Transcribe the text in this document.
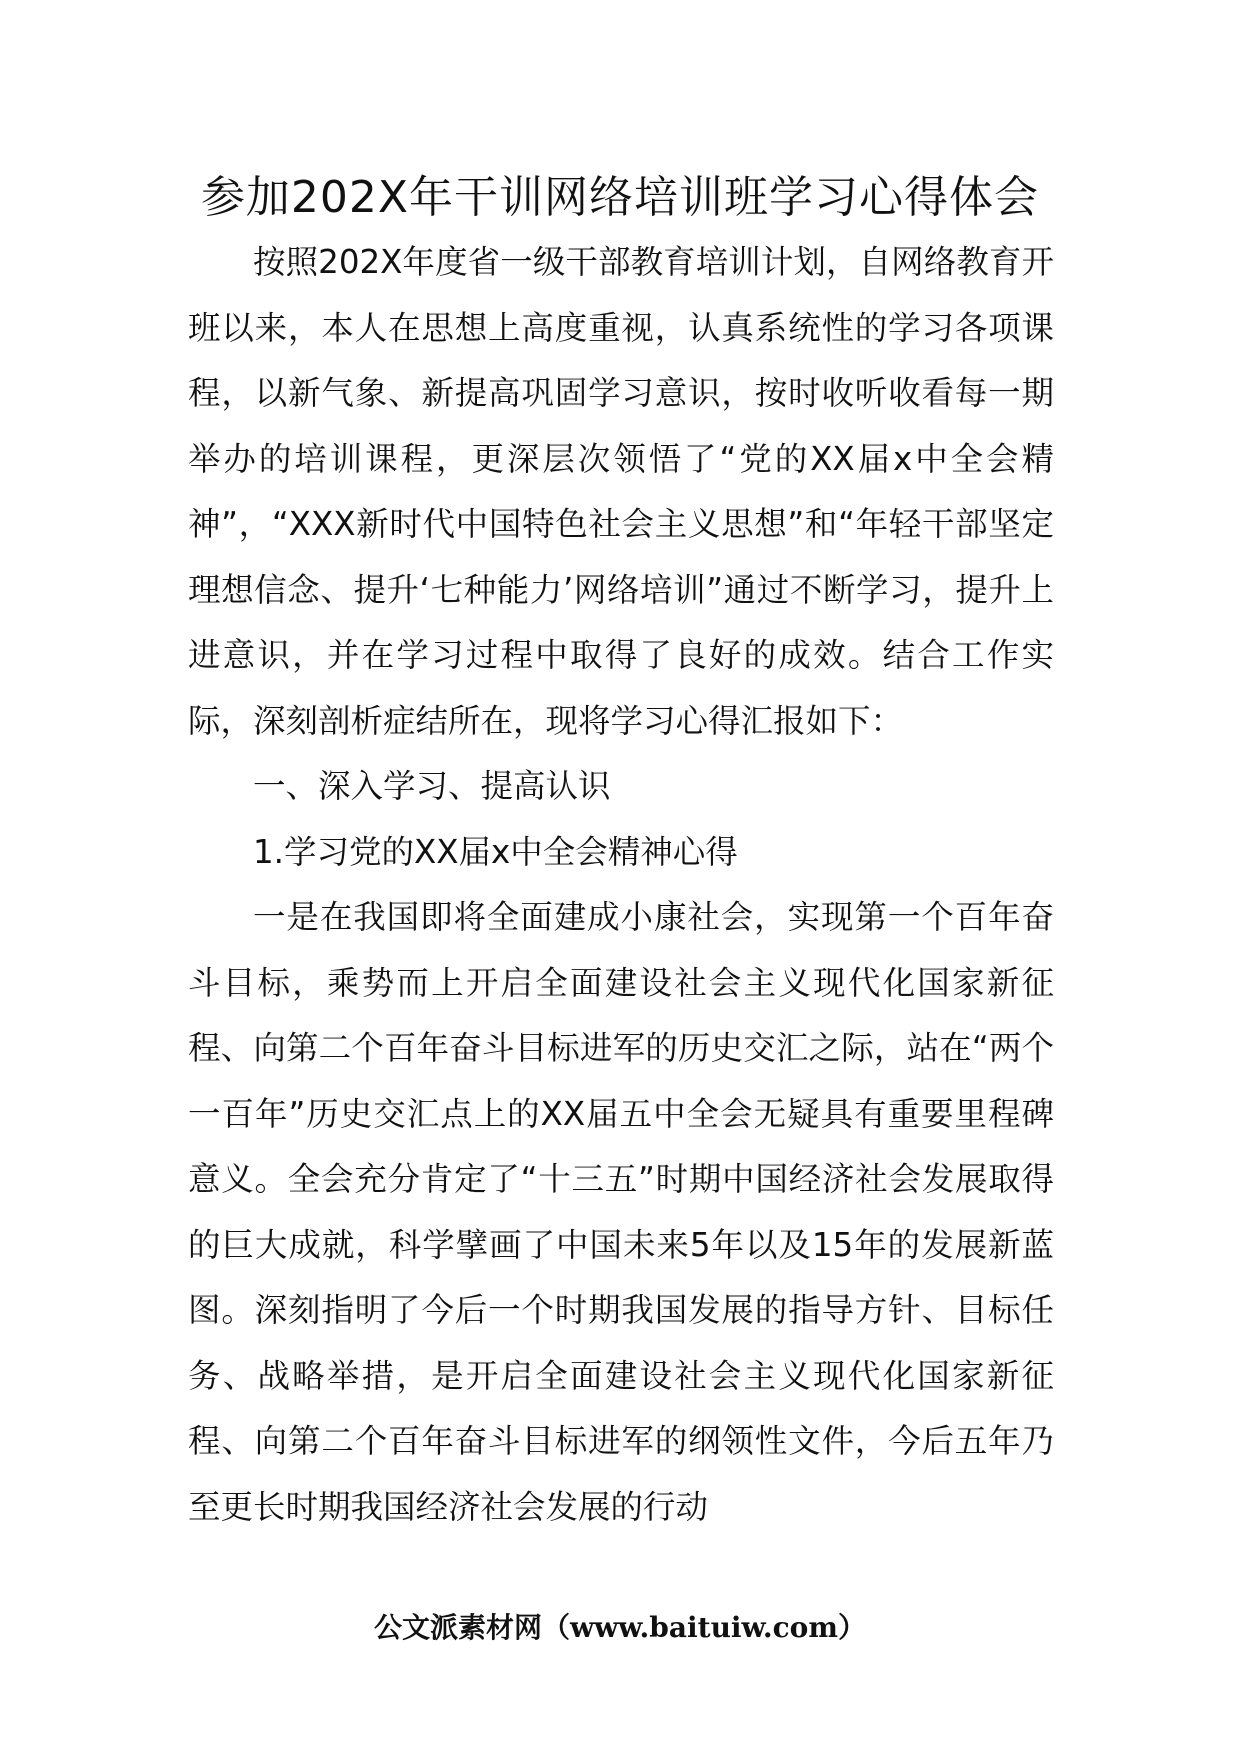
参加202X年干训网络培训班学习心得体会

按照202X年度省一级干部教育培训计划，自网络教育开班以来，本人在思想上高度重视，认真系统性的学习各项课程，以新气象、新提高巩固学习意识，按时收听收看每一期举办的培训课程，更深层次领悟了“党的XX届x中全会精神”，“XXX新时代中国特色社会主义思想”和“年轻干部坚定理想信念、提升‘七种能力’网络培训”通过不断学习，提升上进意识，并在学习过程中取得了良好的成效。结合工作实际，深刻剖析症结所在，现将学习心得汇报如下：

一、深入学习、提高认识

1.学习党的XX届x中全会精神心得

一是在我国即将全面建成小康社会，实现第一个百年奋斗目标，乘势而上开启全面建设社会主义现代化国家新征程、向第二个百年奋斗目标进军的历史交汇之际，站在“两个一百年”历史交汇点上的XX届五中全会无疑具有重要里程碑意义。全会充分肯定了“十三五”时期中国经济社会发展取得的巨大成就，科学擘画了中国未来5年以及15年的发展新蓝图。深刻指明了今后一个时期我国发展的指导方针、目标任务、战略举措，是开启全面建设社会主义现代化国家新征程、向第二个百年奋斗目标进军的纲领性文件，今后五年乃至更长时期我国经济社会发展的行动

公文派素材网（www.baituiw.com）
